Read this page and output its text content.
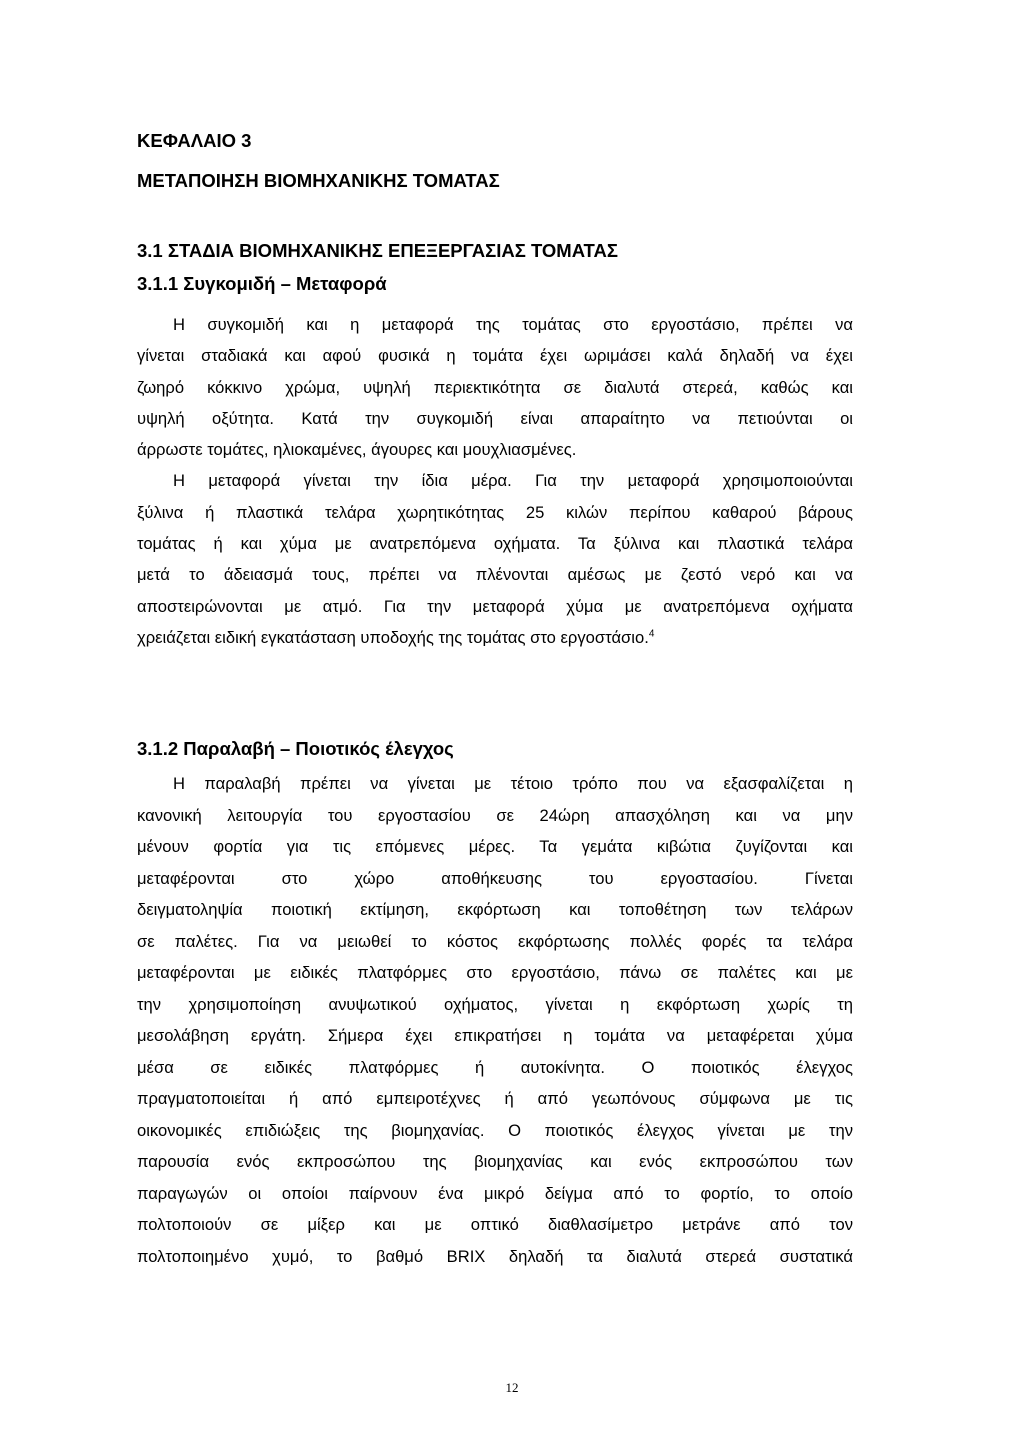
ΚΕΦΑΛΑΙΟ 3
ΜΕΤΑΠΟΙΗΣΗ ΒΙΟΜΗΧΑΝΙΚΗΣ ΤΟΜΑΤΑΣ
3.1 ΣΤΑΔΙΑ ΒΙΟΜΗΧΑΝΙΚΗΣ ΕΠΕΞΕΡΓΑΣΙΑΣ ΤΟΜΑΤΑΣ
3.1.1 Συγκομιδή – Μεταφορά
Η συγκομιδή και η μεταφορά της τομάτας στο εργοστάσιο, πρέπει να
γίνεται σταδιακά και αφού φυσικά η τομάτα έχει ωριμάσει καλά δηλαδή να έχει
ζωηρό κόκκινο χρώμα, υψηλή περιεκτικότητα σε διαλυτά στερεά, καθώς και
υψηλή οξύτητα. Κατά την συγκομιδή είναι απαραίτητο να πετιούνται οι
άρρωστε τομάτες, ηλιοκαμένες, άγουρες και μουχλιασμένες.
Η μεταφορά γίνεται την ίδια μέρα. Για την μεταφορά χρησιμοποιούνται
ξύλινα ή πλαστικά τελάρα χωρητικότητας 25 κιλών περίπου καθαρού βάρους
τομάτας ή και χύμα με ανατρεπόμενα οχήματα. Τα ξύλινα και πλαστικά τελάρα
μετά το άδειασμά τους, πρέπει να πλένονται αμέσως με ζεστό νερό και να
αποστειρώνονται με ατμό. Για την μεταφορά χύμα με ανατρεπόμενα οχήματα
χρειάζεται ειδική εγκατάσταση υποδοχής της τομάτας στο εργοστάσιο.$^4$
3.1.2 Παραλαβή – Ποιοτικός έλεγχος
Η παραλαβή πρέπει να γίνεται με τέτοιο τρόπο που να εξασφαλίζεται η
κανονική λειτουργία του εργοστασίου σε 24ώρη απασχόληση και να μην
μένουν φορτία για τις επόμενες μέρες. Τα γεμάτα κιβώτια ζυγίζονται και
μεταφέρονται στο χώρο αποθήκευσης του εργοστασίου. Γίνεται
δειγματοληψία ποιοτική εκτίμηση, εκφόρτωση και τοποθέτηση των τελάρων
σε παλέτες. Για να μειωθεί το κόστος εκφόρτωσης πολλές φορές τα τελάρα
μεταφέρονται με ειδικές πλατφόρμες στο εργοστάσιο, πάνω σε παλέτες και με
την χρησιμοποίηση ανυψωτικού οχήματος, γίνεται η εκφόρτωση χωρίς τη
μεσολάβηση εργάτη. Σήμερα έχει επικρατήσει η τομάτα να μεταφέρεται χύμα
μέσα σε ειδικές πλατφόρμες ή αυτοκίνητα. Ο ποιοτικός έλεγχος
πραγματοποιείται ή από εμπειροτέχνες ή από γεωπόνους σύμφωνα με τις
οικονομικές επιδιώξεις της βιομηχανίας. Ο ποιοτικός έλεγχος γίνεται με την
παρουσία ενός εκπροσώπου της βιομηχανίας και ενός εκπροσώπου των
παραγωγών οι οποίοι παίρνουν ένα μικρό δείγμα από το φορτίο, το οποίο
πολτοποιούν σε μίξερ και με οπτικό διαθλασίμετρο μετράνε από τον
πολτοποιημένο χυμό, το βαθμό BRIX δηλαδή τα διαλυτά στερεά συστατικά
12
